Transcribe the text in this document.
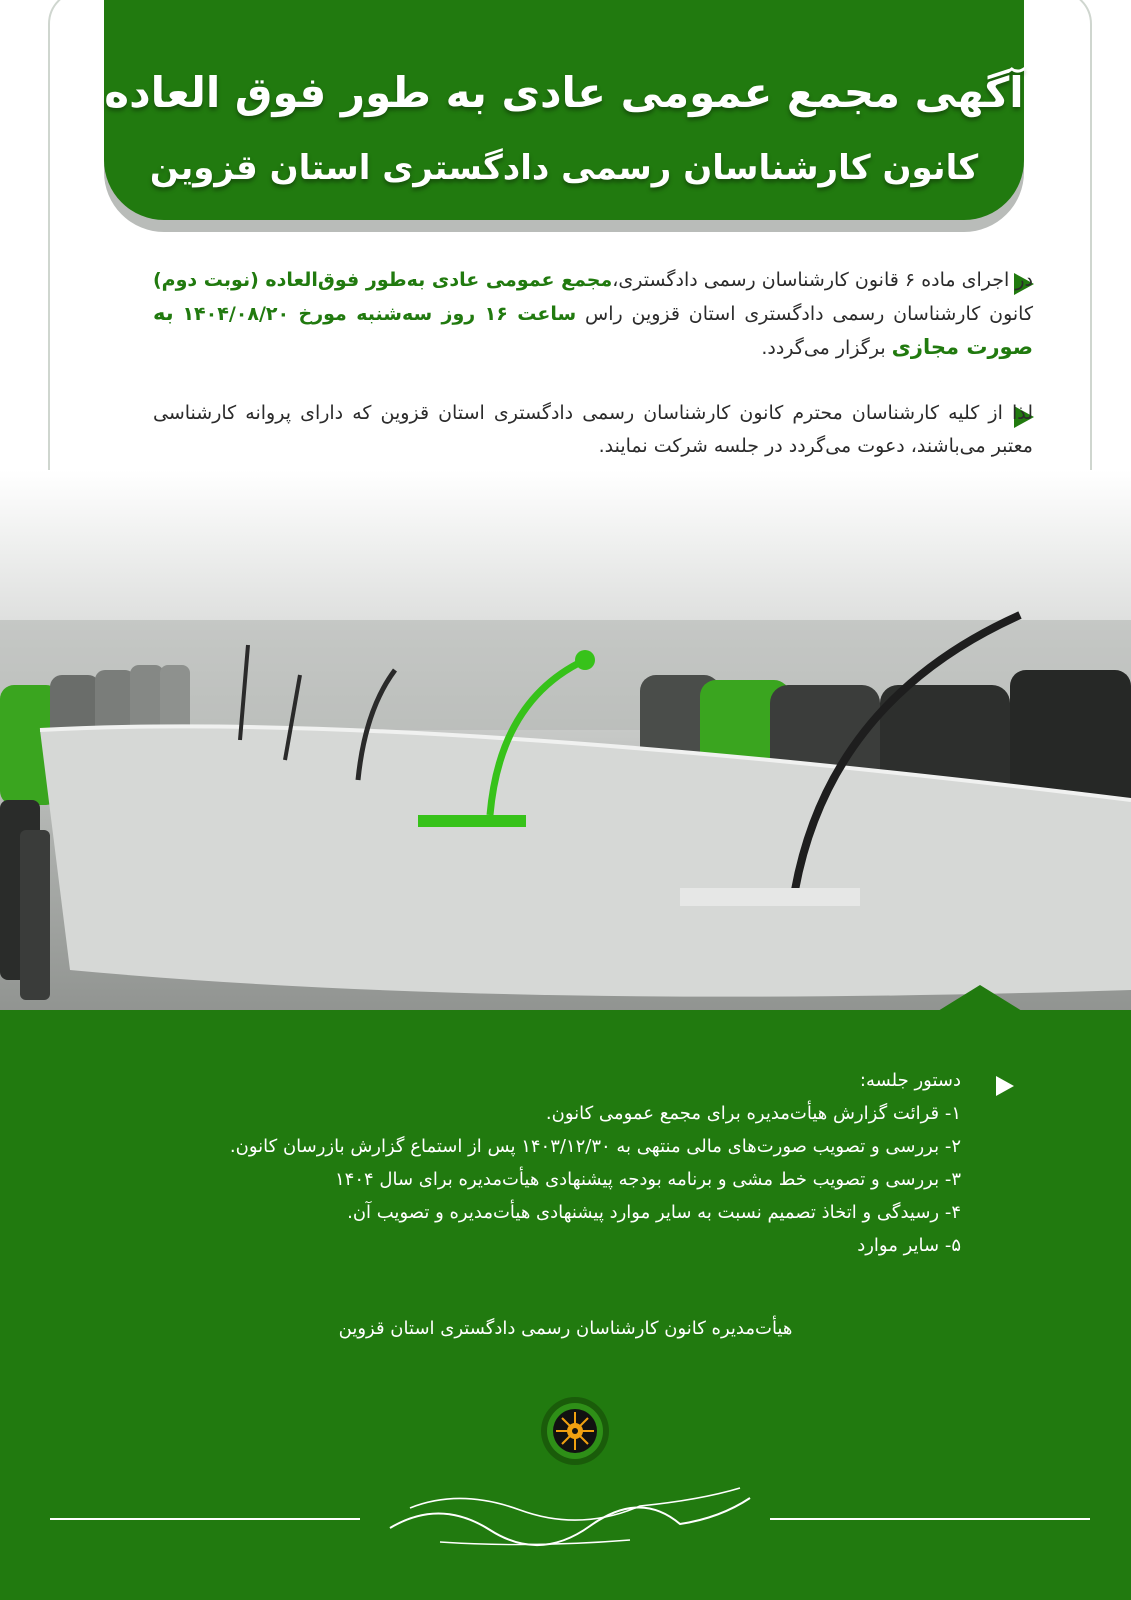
آگهی مجمع عمومی عادی به طور فوق العاده
کانون کارشناسان رسمی دادگستری استان قزوین
در اجرای ماده ۶ قانون کارشناسان رسمی دادگستری،مجمع عمومی عادی به‌طور فوق‌العاده (نوبت دوم) کانون کارشناسان رسمی دادگستری استان قزوین راس ساعت ۱۶ روز سه‌شنبه مورخ ۱۴۰۴/۰۸/۲۰ به صورت مجازی برگزار می‌گردد.
لذا از کلیه کارشناسان محترم کانون کارشناسان رسمی دادگستری استان قزوین که دارای پروانه کارشناسی معتبر می‌باشند، دعوت می‌گردد در جلسه شرکت نمایند.
دستور جلسه:
۱- قرائت گزارش هیأت‌مدیره برای مجمع عمومی کانون.
۲- بررسی و تصویب صورت‌های مالی منتهی به ۱۴۰۳/۱۲/۳۰ پس از استماع گزارش بازرسان کانون.
۳- بررسی و تصویب خط مشی و برنامه بودجه پیشنهادی هیأت‌مدیره برای سال ۱۴۰۴
۴- رسیدگی و اتخاذ تصمیم نسبت به سایر موارد پیشنهادی هیأت‌مدیره و تصویب آن.
۵- سایر موارد
هیأت‌مدیره کانون کارشناسان رسمی دادگستری استان قزوین
